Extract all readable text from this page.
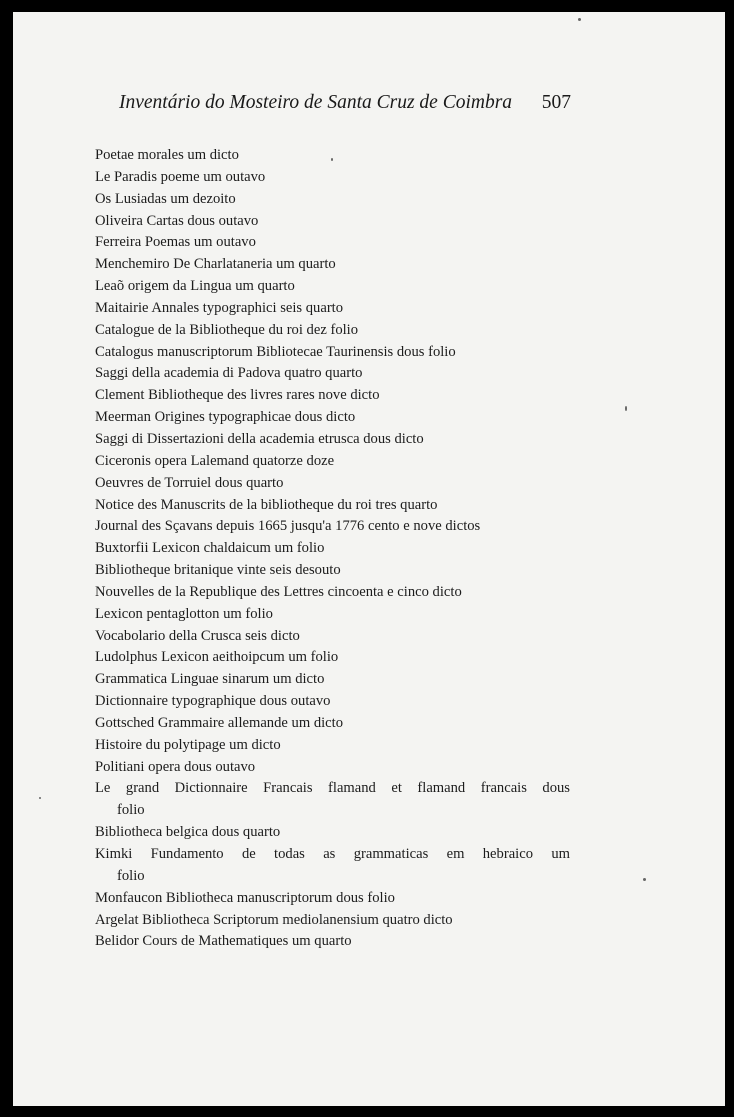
Inventário do Mosteiro de Santa Cruz de Coimbra 507
Poetae morales um dicto
Le Paradis poeme um outavo
Os Lusiadas um dezoito
Oliveira Cartas dous outavo
Ferreira Poemas um outavo
Menchemiro De Charlataneria um quarto
Leaõ origem da Lingua um quarto
Maitairie Annales typographici seis quarto
Catalogue de la Bibliotheque du roi dez folio
Catalogus manuscriptorum Bibliotecae Taurinensis dous folio
Saggi della academia di Padova quatro quarto
Clement Bibliotheque des livres rares nove dicto
Meerman Origines typographicae dous dicto
Saggi di Dissertazioni della academia etrusca dous dicto
Ciceronis opera Lalemand quatorze doze
Oeuvres de Torruiel dous quarto
Notice des Manuscrits de la bibliotheque du roi tres quarto
Journal des Sçavans depuis 1665 jusqu'a 1776 cento e nove dictos
Buxtorfii Lexicon chaldaicum um folio
Bibliotheque britanique vinte seis desouto
Nouvelles de la Republique des Lettres cincoenta e cinco dicto
Lexicon pentaglotton um folio
Vocabolario della Crusca seis dicto
Ludolphus Lexicon aeithoipcum um folio
Grammatica Linguae sinarum um dicto
Dictionnaire typographique dous outavo
Gottsched Grammaire allemande um dicto
Histoire du polytipage um dicto
Politiani opera dous outavo
Le grand Dictionnaire Francais flamand et flamand francais dous
folio
Bibliotheca belgica dous quarto
Kimki Fundamento de todas as grammaticas em hebraico um
folio
Monfaucon Bibliotheca manuscriptorum dous folio
Argelat Bibliotheca Scriptorum mediolanensium quatro dicto
Belidor Cours de Mathematiques um quarto
